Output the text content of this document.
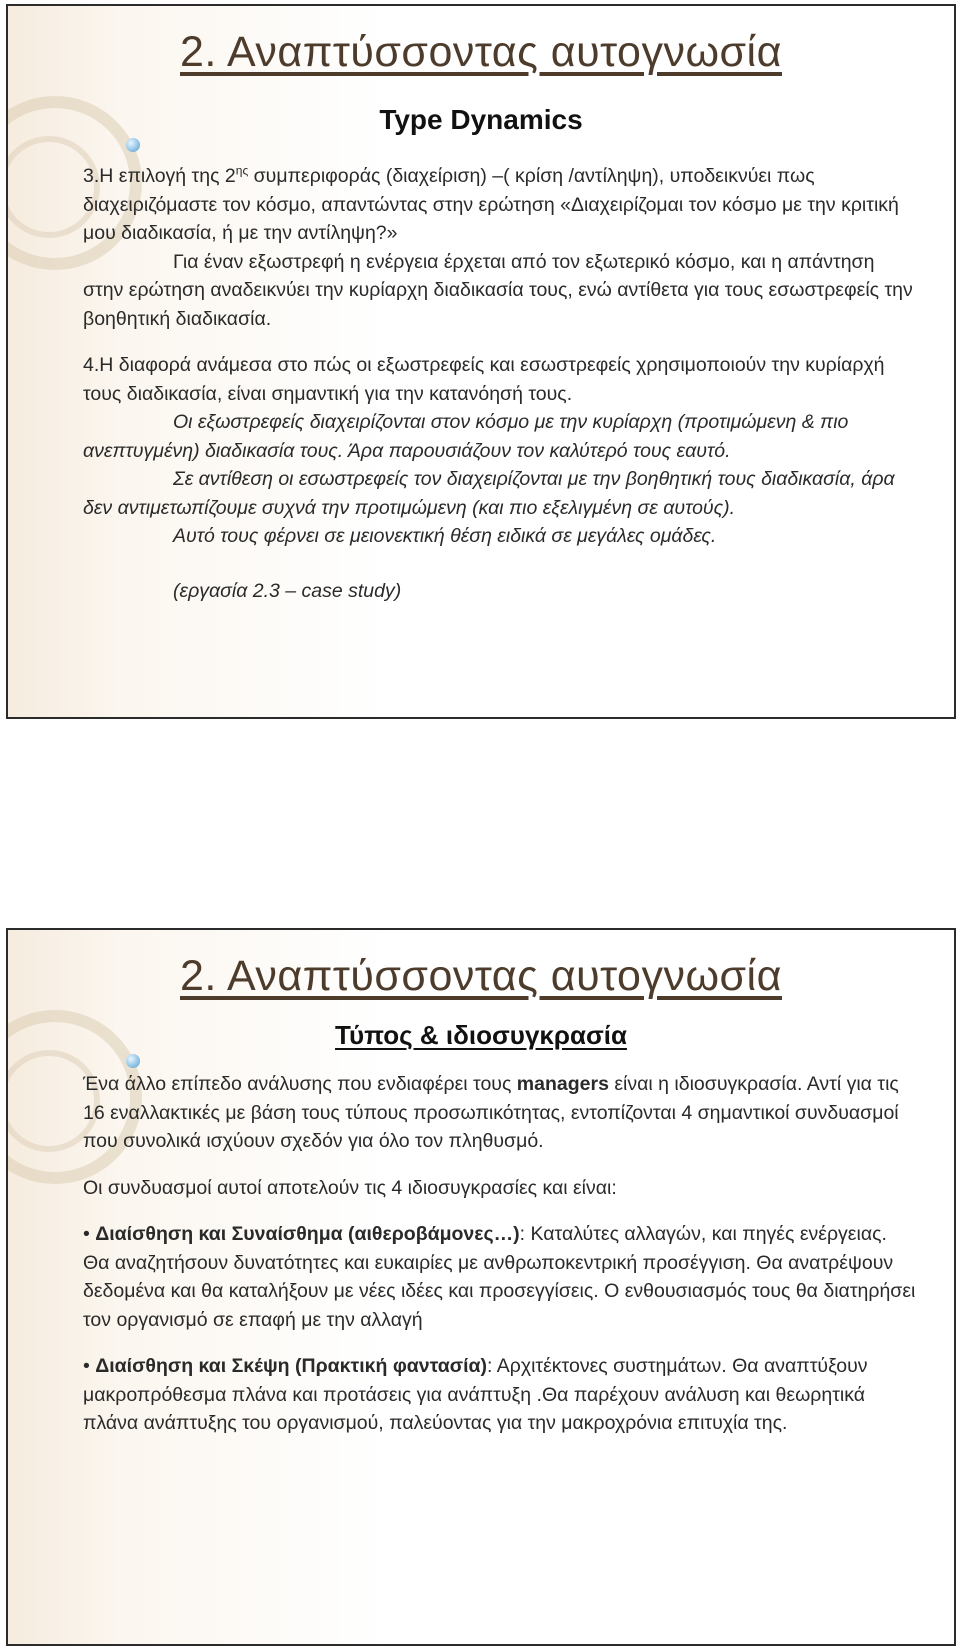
2. Αναπτύσσοντας αυτογνωσία
Type Dynamics

3.Η επιλογή της $2^{\eta\varsigma}$ συμπεριφοράς (διαχείριση) –( κρίση /αντίληψη), υποδεικνύει πως διαχειριζόμαστε τον κόσμο, απαντώντας στην ερώτηση «Διαχειρίζομαι τον κόσμο με την κριτική μου διαδικασία, ή με την αντίληψη?»

Για έναν εξωστρεφή η ενέργεια έρχεται από τον εξωτερικό κόσμο, και η απάντηση στην ερώτηση αναδεικνύει την κυρίαρχη διαδικασία τους, ενώ αντίθετα για τους εσωστρεφείς την βοηθητική διαδικασία.

4.Η διαφορά ανάμεσα στο πώς οι εξωστρεφείς και εσωστρεφείς χρησιμοποιούν την κυρίαρχή τους διαδικασία, είναι σημαντική για την κατανόησή τους.

Οι εξωστρεφείς διαχειρίζονται στον κόσμο με την κυρίαρχη (προτιμώμενη & πιο ανεπτυγμένη) διαδικασία τους. Άρα παρουσιάζουν τον καλύτερό τους εαυτό.

Σε αντίθεση οι εσωστρεφείς τον διαχειρίζονται με την βοηθητική τους διαδικασία, άρα δεν αντιμετωπίζουμε συχνά την προτιμώμενη (και πιο εξελιγμένη σε αυτούς).

Αυτό τους φέρνει σε μειονεκτική θέση ειδικά σε μεγάλες ομάδες.

(εργασία 2.3 – case study)

2. Αναπτύσσοντας αυτογνωσία
Τύπος & ιδιοσυγκρασία

Ένα άλλο επίπεδο ανάλυσης που ενδιαφέρει τους managers είναι η ιδιοσυγκρασία. Αντί για τις 16 εναλλακτικές με βάση τους τύπους προσωπικότητας, εντοπίζονται 4 σημαντικοί συνδυασμοί που συνολικά ισχύουν σχεδόν για όλο τον πληθυσμό.

Οι συνδυασμοί αυτοί αποτελούν τις 4 ιδιοσυγκρασίες και είναι:

• Διαίσθηση και Συναίσθημα (αιθεροβάμονες…): Καταλύτες αλλαγών, και πηγές ενέργειας. Θα αναζητήσουν δυνατότητες και ευκαιρίες με ανθρωποκεντρική προσέγγιση. Θα ανατρέψουν δεδομένα και θα καταλήξουν με νέες ιδέες και προσεγγίσεις. Ο ενθουσιασμός τους θα διατηρήσει τον οργανισμό σε επαφή με την αλλαγή

• Διαίσθηση και Σκέψη (Πρακτική φαντασία): Αρχιτέκτονες συστημάτων. Θα αναπτύξουν μακροπρόθεσμα πλάνα και προτάσεις για ανάπτυξη .Θα παρέχουν ανάλυση και θεωρητικά πλάνα ανάπτυξης του οργανισμού, παλεύοντας για την μακροχρόνια επιτυχία της.
